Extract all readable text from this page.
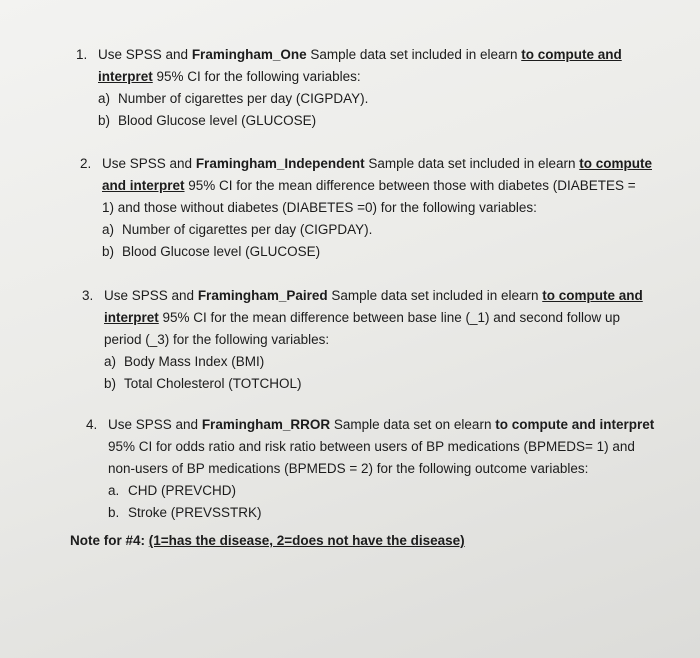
1. Use SPSS and Framingham_One Sample data set included in elearn to compute and
interpret 95% CI for the following variables:
a) Number of cigarettes per day (CIGPDAY).
b) Blood Glucose level (GLUCOSE)
2. Use SPSS and Framingham_Independent Sample data set included in elearn to compute
and interpret 95% CI for the mean difference between those with diabetes (DIABETES =
1) and those without diabetes (DIABETES =0) for the following variables:
a) Number of cigarettes per day (CIGPDAY).
b) Blood Glucose level (GLUCOSE)
3. Use SPSS and Framingham_Paired Sample data set included in elearn to compute and
interpret 95% CI for the mean difference between base line (_1) and second follow up
period (_3) for the following variables:
a) Body Mass Index (BMI)
b) Total Cholesterol (TOTCHOL)
4. Use SPSS and Framingham_RROR Sample data set on elearn to compute and interpret
95% CI for odds ratio and risk ratio between users of BP medications (BPMEDS= 1) and
non-users of BP medications (BPMEDS = 2) for the following outcome variables:
a. CHD (PREVCHD)
b. Stroke (PREVSSTRK)
Note for #4: (1=has the disease, 2=does not have the disease)
